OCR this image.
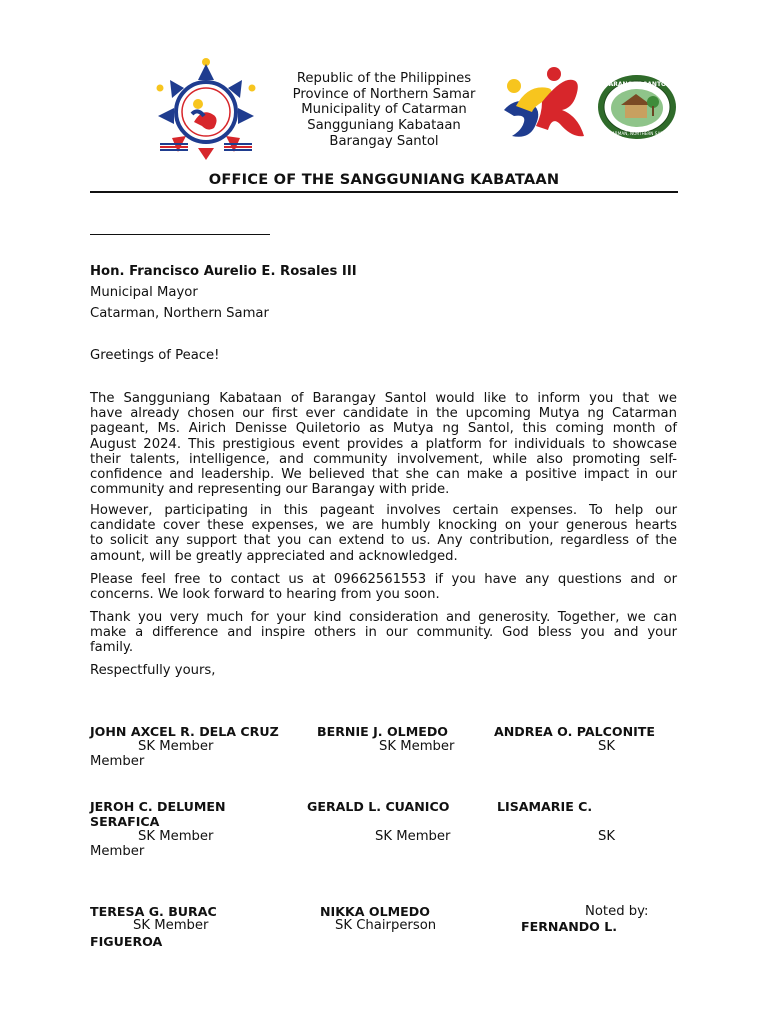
BARANGAY SANTOL
CATARMAN, NORTHERN SAMAR
Republic of the Philippines
Province of Northern Samar
Municipality of Catarman
Sangguniang Kabataan
Barangay Santol
OFFICE OF THE SANGGUNIANG KABATAAN
Hon. Francisco Aurelio E. Rosales III
Municipal Mayor
Catarman, Northern Samar
Greetings of Peace!
The Sangguniang Kabataan of Barangay Santol would like to inform you that we
have already chosen our first ever candidate in the upcoming Mutya ng Catarman
pageant, Ms. Airich Denisse Quiletorio as Mutya ng Santol, this coming month of
August 2024. This prestigious event provides a platform for individuals to showcase
their talents, intelligence, and community involvement, while also promoting self-
confidence and leadership. We believed that she can make a positive impact in our
community and representing our Barangay with pride.
However, participating in this pageant involves certain expenses. To help our
candidate cover these expenses, we are humbly knocking on your generous hearts
to solicit any support that you can extend to us. Any contribution, regardless of the
amount, will be greatly appreciated and acknowledged.
Please feel free to contact us at 09662561553 if you have any questions and or
concerns. We look forward to hearing from you soon.
Thank you very much for your kind consideration and generosity. Together, we can
make a difference and inspire others in our community. God bless you and your
family.
Respectfully yours,
JOHN AXCEL R. DELA CRUZ	BERNIE J. OLMEDO	ANDREA O. PALCONITE
SK Member	SK Member	SK
Member
JEROH C. DELUMEN	GERALD L. CUANICO	LISAMARIE C.
SERAFICA
SK Member	SK Member	SK
Member
TERESA G. BURAC	NIKKA OLMEDO	Noted by:
SK Member	SK Chairperson	FERNANDO L.
FIGUEROA
